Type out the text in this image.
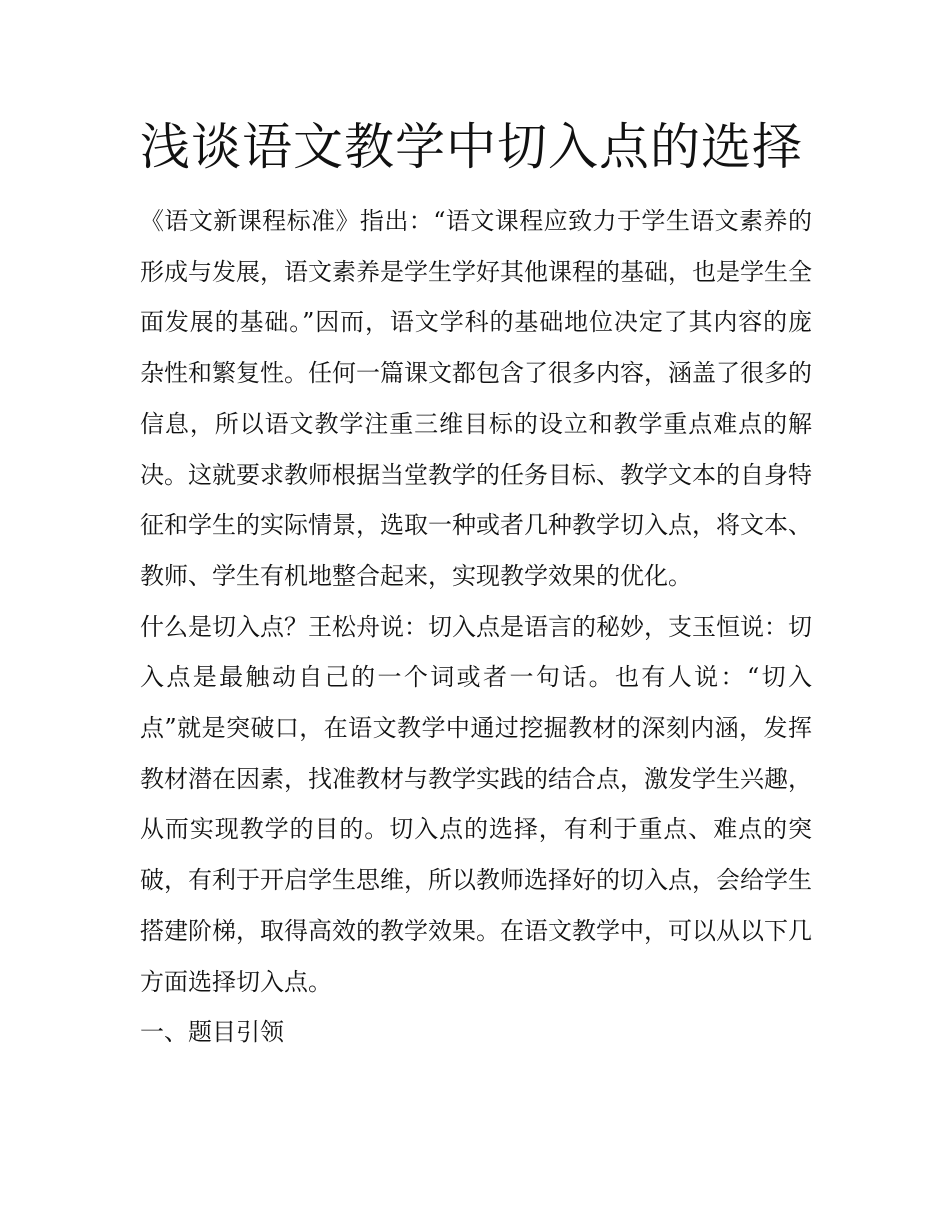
浅谈语文教学中切入点的选择

《语文新课程标准》指出：“语文课程应致力于学生语文素养的形成与发展，语文素养是学生学好其他课程的基础，也是学生全面发展的基础。”因而，语文学科的基础地位决定了其内容的庞杂性和繁复性。任何一篇课文都包含了很多内容，涵盖了很多的信息，所以语文教学注重三维目标的设立和教学重点难点的解决。这就要求教师根据当堂教学的任务目标、教学文本的自身特征和学生的实际情景，选取一种或者几种教学切入点，将文本、教师、学生有机地整合起来，实现教学效果的优化。

什么是切入点？王松舟说：切入点是语言的秘妙，支玉恒说：切入点是最触动自己的一个词或者一句话。也有人说：“切入点”就是突破口，在语文教学中通过挖掘教材的深刻内涵，发挥教材潜在因素，找准教材与教学实践的结合点，激发学生兴趣，从而实现教学的目的。切入点的选择，有利于重点、难点的突破，有利于开启学生思维，所以教师选择好的切入点，会给学生搭建阶梯，取得高效的教学效果。在语文教学中，可以从以下几方面选择切入点。

一、题目引领
